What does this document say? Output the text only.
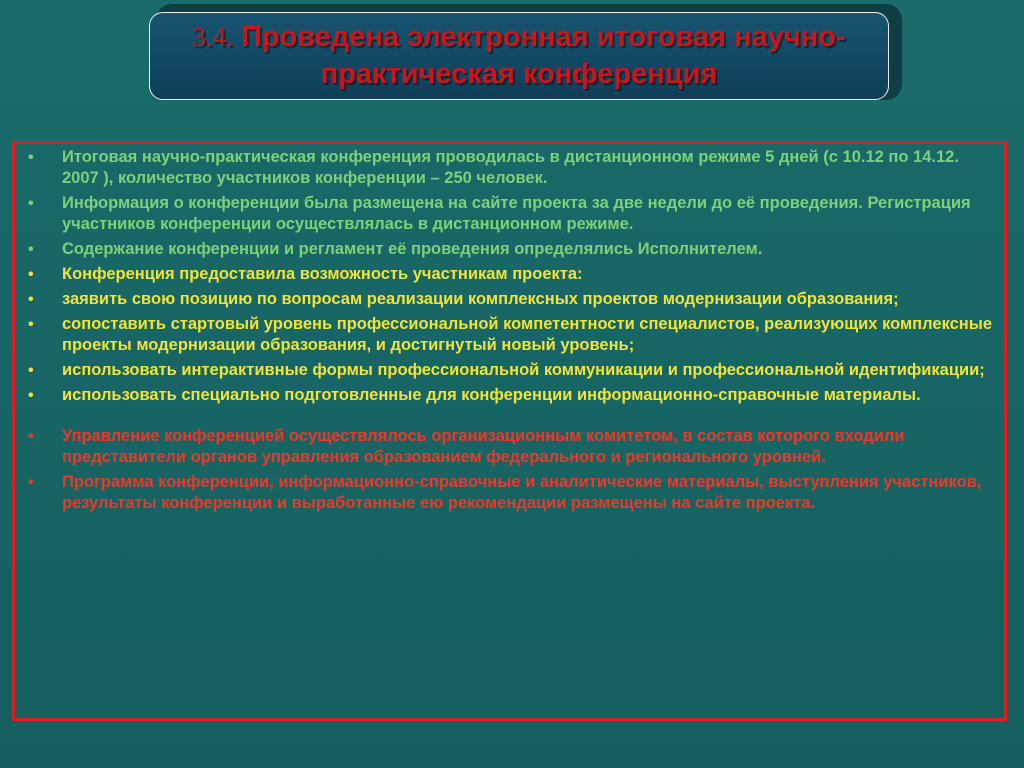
3.4. Проведена электронная итоговая научно-практическая конференция

• Итоговая научно-практическая конференция проводилась в дистанционном режиме 5 дней (с 10.12 по 14.12. 2007 ), количество участников конференции – 250 человек.
• Информация о конференции была размещена на сайте проекта за две недели до её проведения. Регистрация участников конференции осуществлялась в дистанционном режиме.
• Содержание конференции и регламент её проведения определялись Исполнителем.
• Конференция предоставила возможность участникам проекта:
• заявить свою позицию по вопросам реализации комплексных проектов модернизации образования;
• сопоставить стартовый уровень профессиональной компетентности специалистов, реализующих комплексные проекты модернизации образования, и достигнутый новый уровень;
• использовать интерактивные формы профессиональной коммуникации и профессиональной идентификации;
• использовать специально подготовленные для конференции информационно-справочные материалы.
• Управление конференцией осуществлялось организационным комитетом, в состав которого входили представители органов управления образованием федерального и регионального уровней.
• Программа конференции, информационно-справочные и аналитические материалы, выступления участников, результаты конференции и выработанные ею рекомендации размещены на сайте проекта.
